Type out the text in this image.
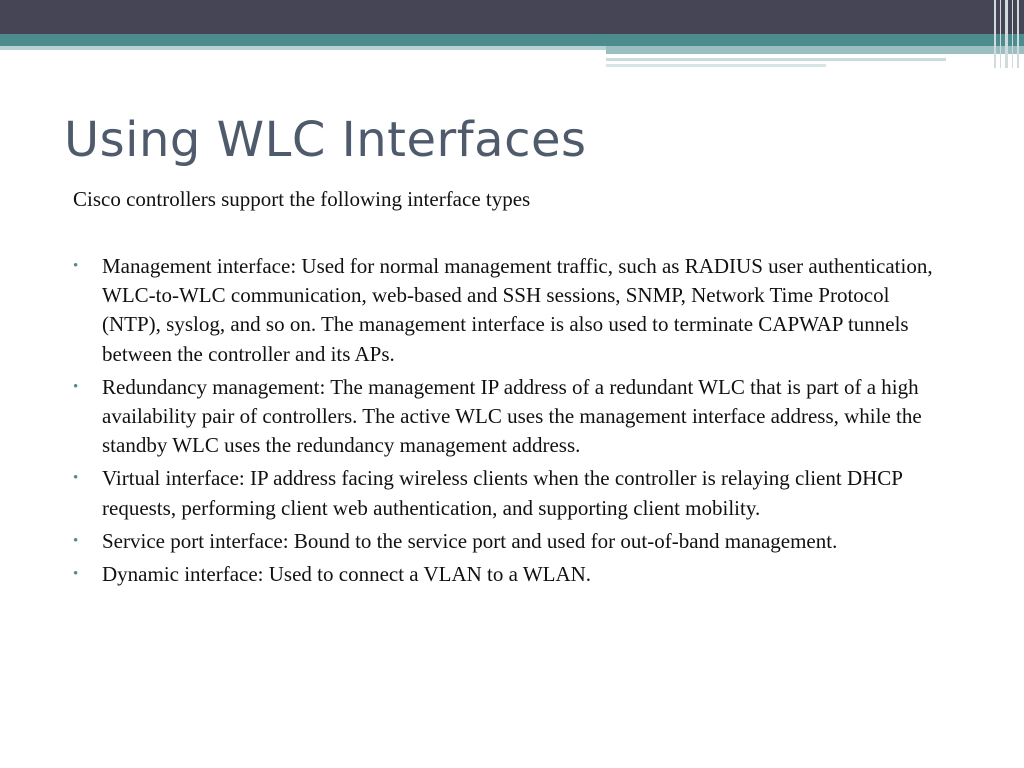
Using WLC Interfaces
Cisco controllers support the following interface types
• Management interface: Used for normal management traffic, such as RADIUS user authentication, WLC-to-WLC communication, web-based and SSH sessions, SNMP, Network Time Protocol (NTP), syslog, and so on. The management interface is also used to terminate CAPWAP tunnels between the controller and its APs.
• Redundancy management: The management IP address of a redundant WLC that is part of a high availability pair of controllers. The active WLC uses the management interface address, while the standby WLC uses the redundancy management address.
• Virtual interface: IP address facing wireless clients when the controller is relaying client DHCP requests, performing client web authentication, and supporting client mobility.
• Service port interface: Bound to the service port and used for out-of-band management.
• Dynamic interface: Used to connect a VLAN to a WLAN.
